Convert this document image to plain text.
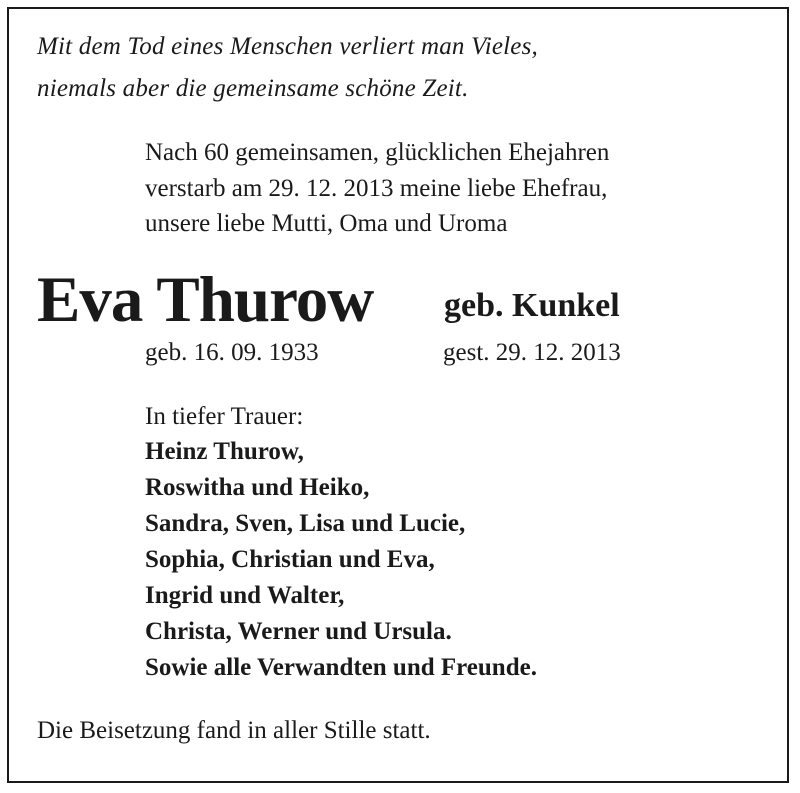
Mit dem Tod eines Menschen verliert man Vieles,

niemals aber die gemeinsame schöne Zeit.

Nach 60 gemeinsamen, glücklichen Ehejahren

verstarb am 29. 12. 2013 meine liebe Ehefrau,

unsere liebe Mutti, Oma und Uroma

Eva Thurow geb. Kunkel

geb. 16. 09. 1933	gest. 29. 12. 2013

In tiefer Trauer:

Heinz Thurow,

Roswitha und Heiko,

Sandra, Sven, Lisa und Lucie,

Sophia, Christian und Eva,

Ingrid und Walter,

Christa, Werner und Ursula.

Sowie alle Verwandten und Freunde.

Die Beisetzung fand in aller Stille statt.
